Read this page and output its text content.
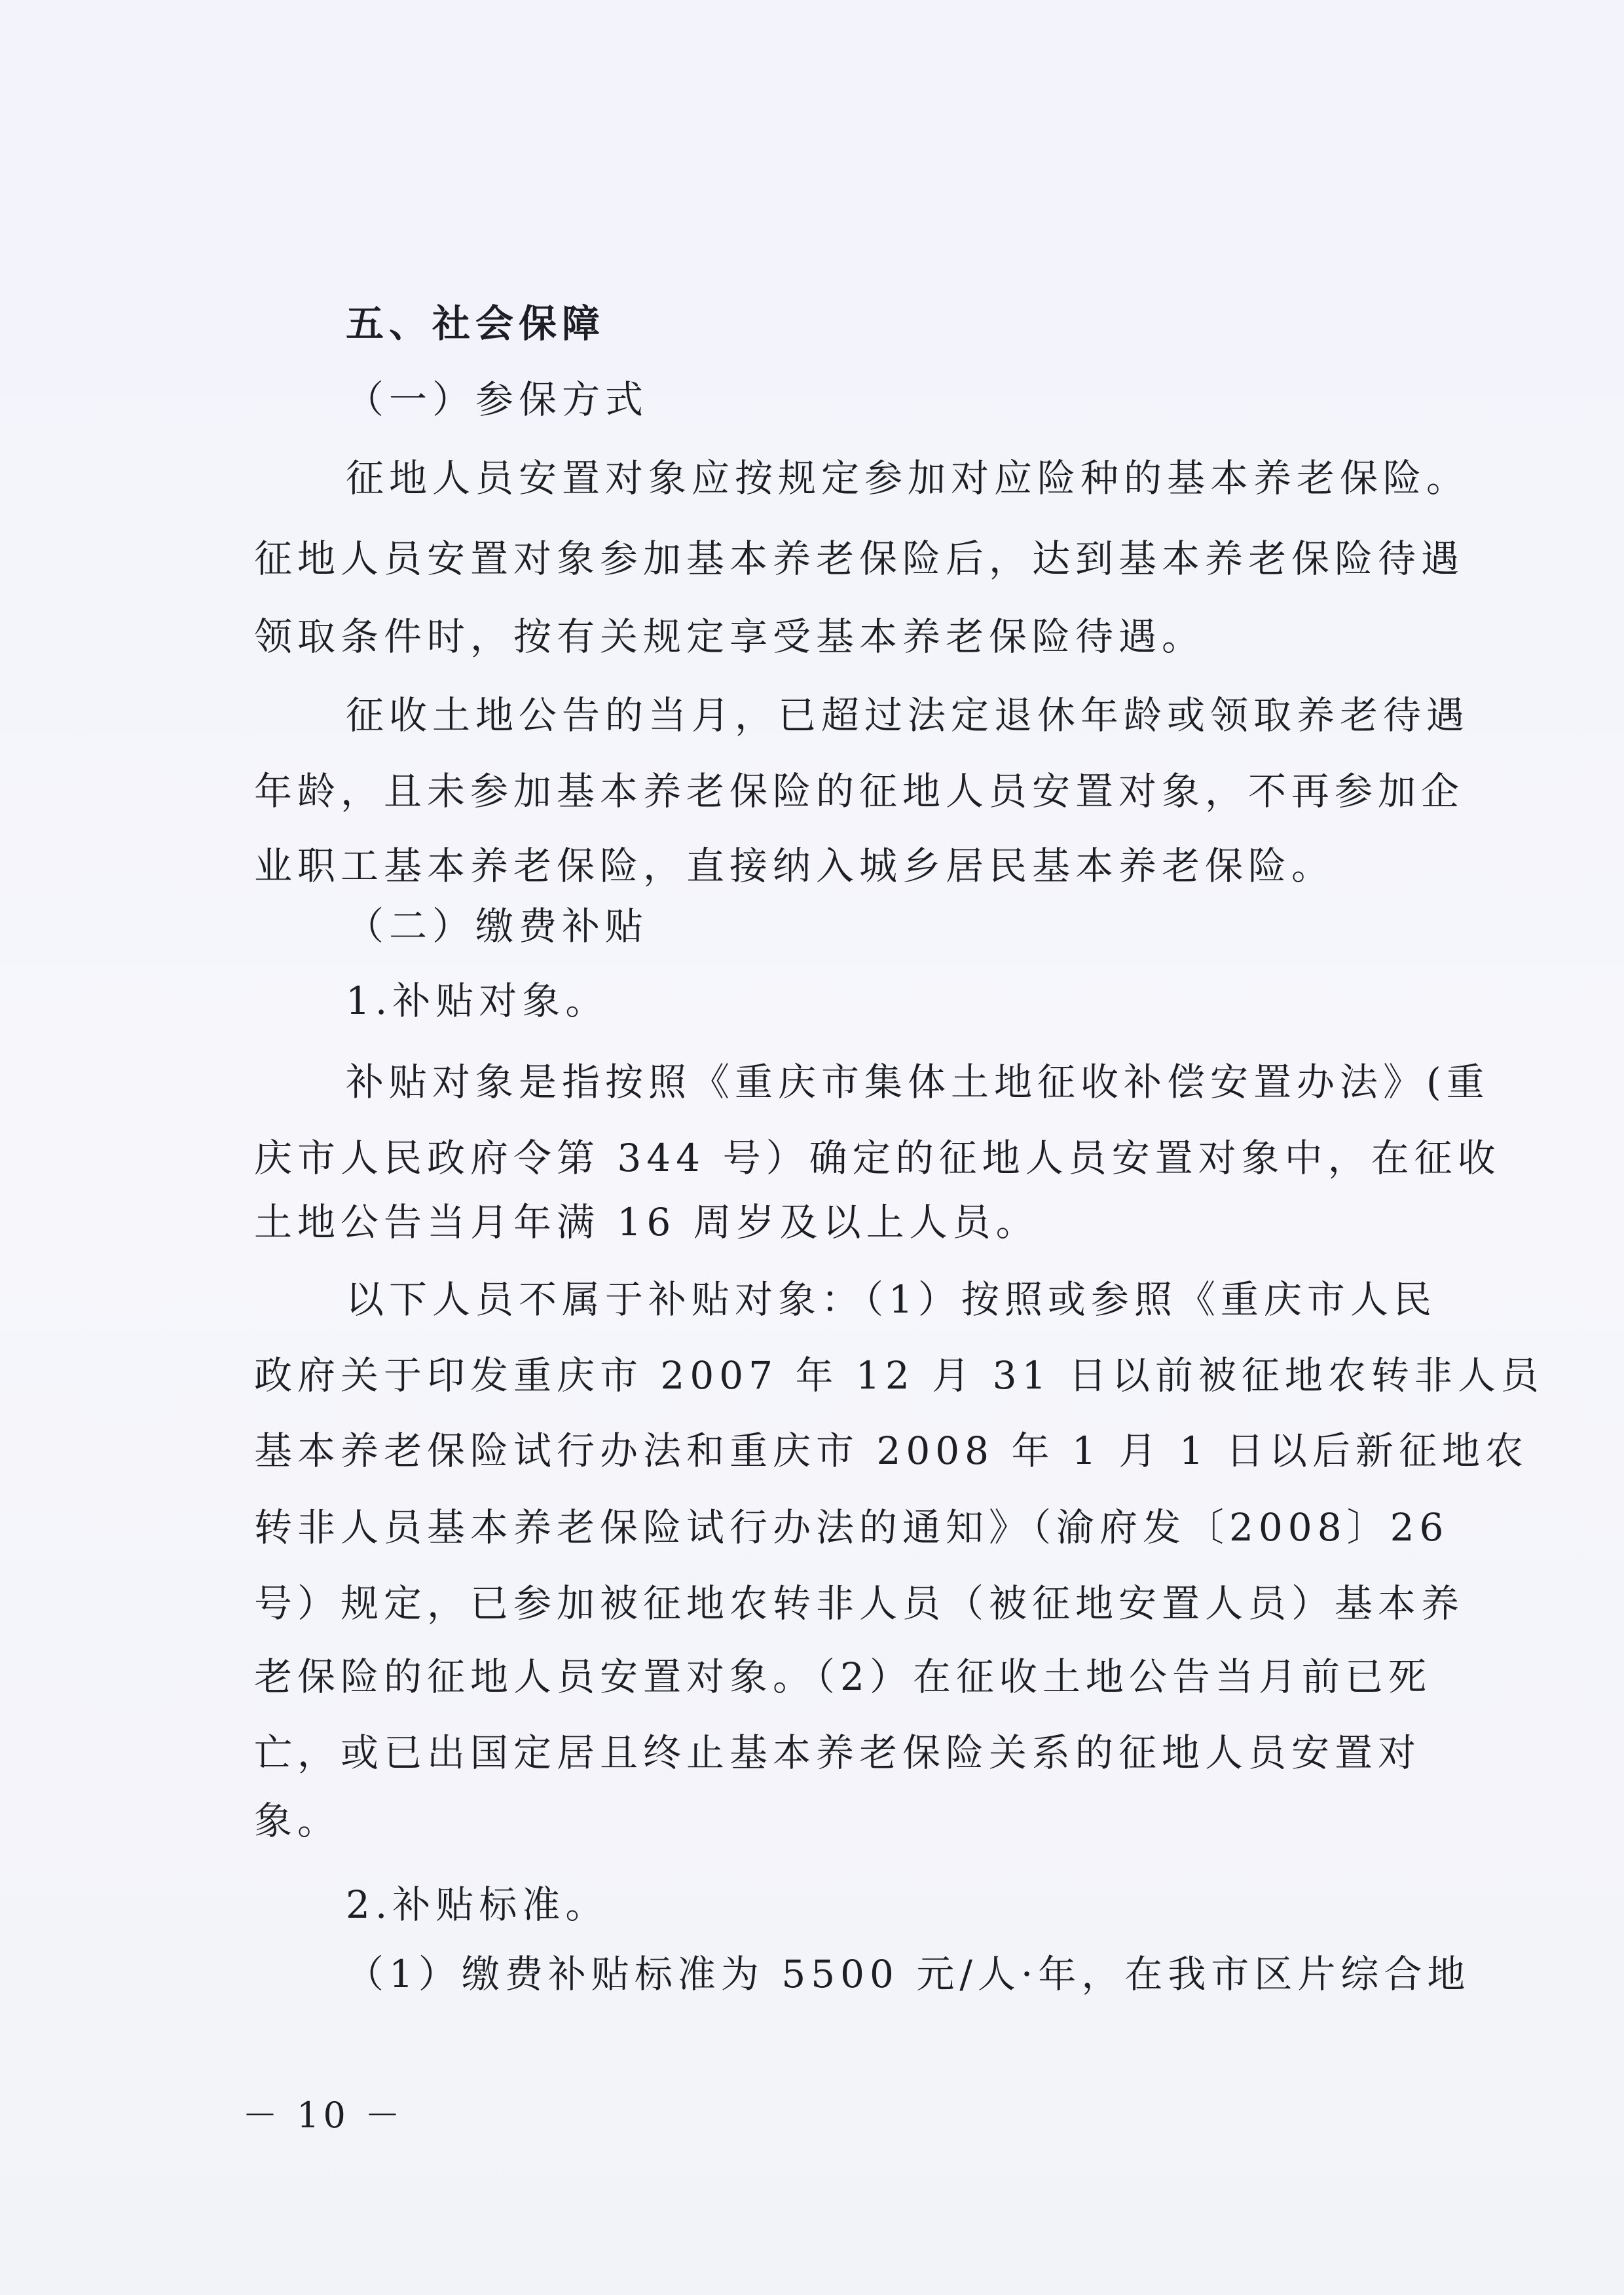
五、社会保障
（一）参保方式
征地人员安置对象应按规定参加对应险种的基本养老保险。
征地人员安置对象参加基本养老保险后，达到基本养老保险待遇
领取条件时，按有关规定享受基本养老保险待遇。
征收土地公告的当月，已超过法定退休年龄或领取养老待遇
年龄，且未参加基本养老保险的征地人员安置对象，不再参加企
业职工基本养老保险，直接纳入城乡居民基本养老保险。
（二）缴费补贴
1.补贴对象。
补贴对象是指按照《重庆市集体土地征收补偿安置办法》(重
庆市人民政府令第 344 号）确定的征地人员安置对象中，在征收
土地公告当月年满 16 周岁及以上人员。
以下人员不属于补贴对象：（1）按照或参照《重庆市人民
政府关于印发重庆市 2007 年 12 月 31 日以前被征地农转非人员
基本养老保险试行办法和重庆市 2008 年 1 月 1 日以后新征地农
转非人员基本养老保险试行办法的通知》（渝府发〔2008〕26
号）规定，已参加被征地农转非人员（被征地安置人员）基本养
老保险的征地人员安置对象。（2）在征收土地公告当月前已死
亡，或已出国定居且终止基本养老保险关系的征地人员安置对
象。
2.补贴标准。
（1）缴费补贴标准为 5500 元/人·年，在我市区片综合地
－ 10 －
